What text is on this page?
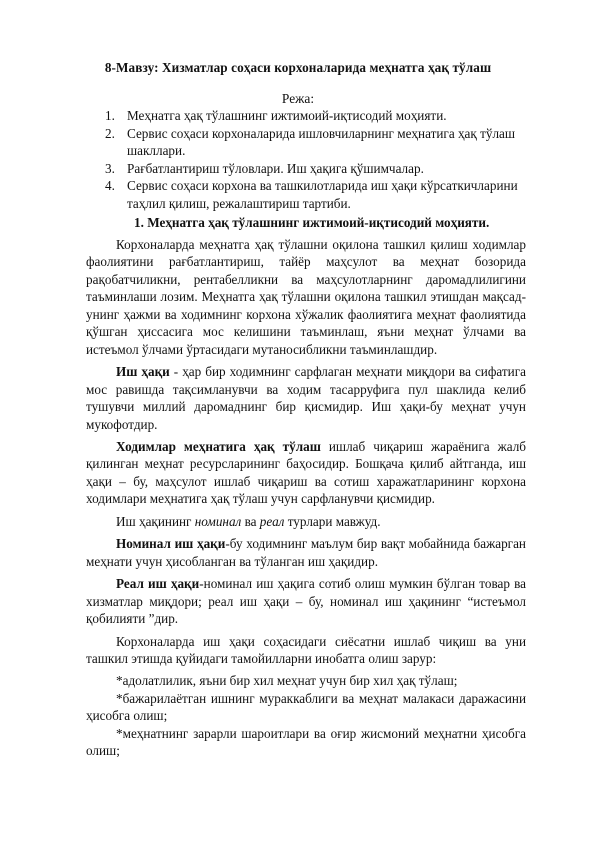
8-Мавзу: Хизматлар соҳаси корхоналарида меҳнатга ҳақ тўлаш
Режа:
1. Меҳнатга ҳақ тўлашнинг ижтимоий-иқтисодий моҳияти.
2. Сервис соҳаси корхоналарида ишловчиларнинг меҳнатига ҳақ тўлаш шакллари.
3. Рағбатлантириш тўловлари. Иш ҳақига қўшимчалар.
4. Сервис соҳаси корхона ва ташкилотларида иш ҳақи кўрсаткичларини таҳлил қилиш, режалаштириш тартиби.
1. Меҳнатга ҳақ тўлашнинг ижтимоий-иқтисодий моҳияти.

Корхоналарда меҳнатга ҳақ тўлашни оқилона ташкил қилиш ходимлар фаолиятини рағбатлантириш, тайёр маҳсулот ва меҳнат бозорида рақобатчиликни, рентабелликни ва маҳсулотларнинг даромадлилигини таъминлаши лозим. Меҳнатга ҳақ тўлашни оқилона ташкил этишдан мақсад-унинг ҳажми ва ходимнинг корхона хўжалик фаолиятига меҳнат фаолиятида қўшган ҳиссасига мос келишини таъминлаш, яъни меҳнат ўлчами ва истеъмол ўлчами ўртасидаги мутаносибликни таъминлашдир.

Иш ҳақи - ҳар бир ходимнинг сарфлаган меҳнати миқдори ва сифатига мос равишда тақсимланувчи ва ходим тасарруфига пул шаклида келиб тушувчи миллий даромаднинг бир қисмидир. Иш ҳақи-бу меҳнат учун мукофотдир.

Ходимлар меҳнатига ҳақ тўлаш ишлаб чиқариш жараёнига жалб қилинган меҳнат ресурсларининг баҳосидир. Бошқача қилиб айтганда, иш ҳақи – бу, маҳсулот ишлаб чиқариш ва сотиш харажатларининг корхона ходимлари меҳнатига ҳақ тўлаш учун сарфланувчи қисмидир.

Иш ҳақининг номинал ва реал турлари мавжуд.

Номинал иш ҳақи-бу ходимнинг маълум бир вақт мобайнида бажарган меҳнати учун ҳисобланган ва тўланган иш ҳақидир.

Реал иш ҳақи-номинал иш ҳақига сотиб олиш мумкин бўлган товар ва хизматлар миқдори; реал иш ҳақи – бу, номинал иш ҳақининг “истеъмол қобилияти ”дир.

Корхоналарда иш ҳақи соҳасидаги сиёсатни ишлаб чиқиш ва уни ташкил этишда қуйидаги тамойилларни инобатга олиш зарур:

*адолатлилик, яъни бир хил меҳнат учун бир хил ҳақ тўлаш;

*бажарилаётган ишнинг мураккаблиги ва меҳнат малакаси даражасини ҳисобга олиш;

*меҳнатнинг зарарли шароитлари ва оғир жисмоний меҳнатни ҳисобга олиш;
